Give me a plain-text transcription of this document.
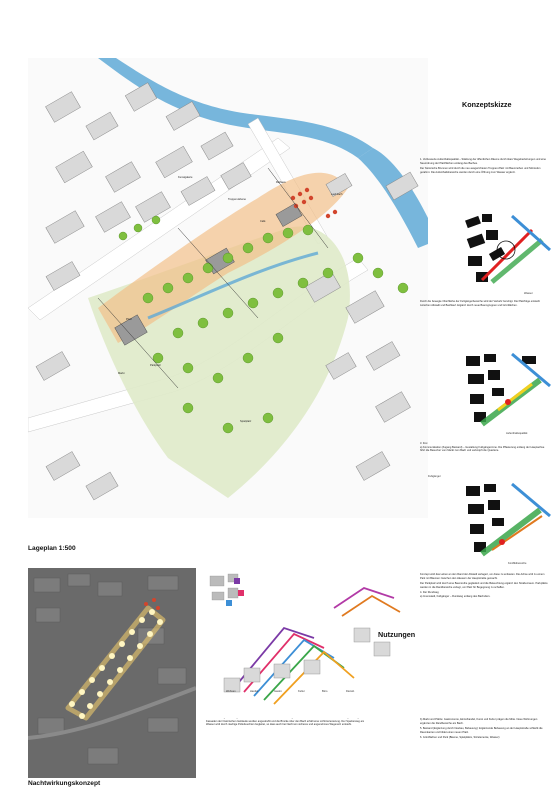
Rathaus
Lauf.bach
Kunstgalerie
Treppen-Ebene
Platz
Café
Markt
Parkplatz
Spielplatz
Lageplan 1:500
Konzeptskizze
1. Verbesserte Aufenthaltsqualität – Stärkung der öffentlichen Räume durch klare Wegebeziehungen und eine Neuordnung der Platzflächen entlang des Baches.
Der historische Brunnen wird durch die neu ausgerichteten Treppen-Platz mit Baumreihen und Sitzstufen gerahmt. Die Aufenthaltsbereiche werden durch eine Öffnung zum Wasser ergänzt.
Wasser
Durch die bewegte Oberfläche der Fußgängerbereiche wird der Verkehr beruhigt. Die Platzfolge entsteht zwischen Altstadt und Bachlauf. Ergänzt durch neue Baumgruppen und Grünflächen.
Aufenthaltsqualität
3. Frei
a) Kommunikation (Zugang Bestand) – Gestaltung Fußgängerzone. Die Pflasterung entlang der Hauptachse führt die Besucher vom Markt zum Bach und verknüpft die Quartiere.
Fußgänger
Konfliktbereiche
Konzept wird das Leben an den Rand der Altstadt verlagert, um diese zu entlasten. Die Achse wird zu einem Park mit Bäumen zwischen den Häusern der Hauptstraße gemacht.
Der Parkplatz wird durch eine Baumreihe gegliedert und die Beleuchtung ergänzt den Straßenraum. Parkplätze werden in die Randbereiche verlegt, um Platz für Begegnung zu schaffen.
4. Der Rundweg
a) Innenstadt, Fußgänger – Rundweg entlang des Bachufers.
b) Markt und Plätze: Gastronomie, Einzelhandel, Kunst und Kultur prägen die Mitte. Neue Wohnungen ergänzen die Randbereiche am Bach.
5. Bestand (Ergänzung durch Neubau, Bebauung): Ergänzende Bebauung an der Hauptstraße schließt die Raumkanten und bildet einen neuen Platz.
6. Grünflächen und Park (Bäume, Spielplätze, Sitzelemente, Wasser)
Nachtwirkungskonzept
Fassaden der historischen Gebäude werden angestrahlt und die Brücke über den Bach erhält eine Lichtinszenierung. Der Spazierweg am Wasser wird durch niedrige Pollerleuchten begleitet, so dass auch bei Nacht ein sicheres und angenehmes Wegenetz entsteht.
Wohnen	Handel	Gastro	Kultur	Büro	Dienstl.
Nutzungen
